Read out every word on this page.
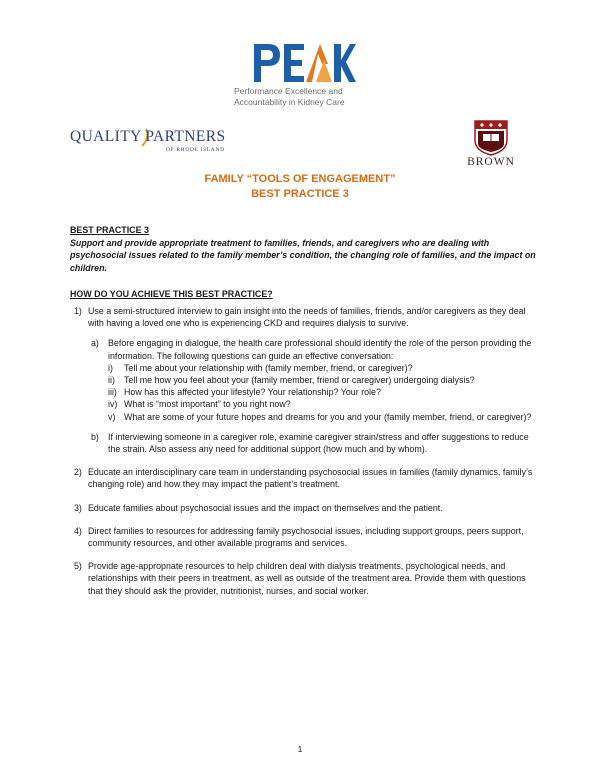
Performance Excellence and
Accountability in Kidney Care
QUALITY PARTNERS
OF RHODE ISLAND
BROWN
FAMILY “TOOLS OF ENGAGEMENT”
BEST PRACTICE 3
BEST PRACTICE 3
Support and provide appropriate treatment to families, friends, and caregivers who are dealing with psychosocial issues related to the family member’s condition, the changing role of families, and the impact on children.
HOW DO YOU ACHIEVE THIS BEST PRACTICE?
1) Use a semi-structured interview to gain insight into the needs of families, friends, and/or caregivers as they deal with having a loved one who is experiencing CKD and requires dialysis to survive.
a) Before engaging in dialogue, the health care professional should identify the role of the person providing the information. The following questions can guide an effective conversation:
i) Tell me about your relationship with (family member, friend, or caregiver)?
ii) Tell me how you feel about your (family member, friend or caregiver) undergoing dialysis?
iii) How has this affected your lifestyle? Your relationship? Your role?
iv) What is “most important” to you right now?
v) What are some of your future hopes and dreams for you and your (family member, friend, or caregiver)?
b) If interviewing someone in a caregiver role, examine caregiver strain/stress and offer suggestions to reduce the strain. Also assess any need for additional support (how much and by whom).
2) Educate an interdisciplinary care team in understanding psychosocial issues in families (family dynamics, family’s changing role) and how they may impact the patient’s treatment.
3) Educate families about psychosocial issues and the impact on themselves and the patient.
4) Direct families to resources for addressing family psychosocial issues, including support groups, peers support, community resources, and other available programs and services.
5) Provide age-appropriate resources to help children deal with dialysis treatments, psychological needs, and relationships with their peers in treatment, as well as outside of the treatment area. Provide them with questions that they should ask the provider, nutritionist, nurses, and social worker.
1
